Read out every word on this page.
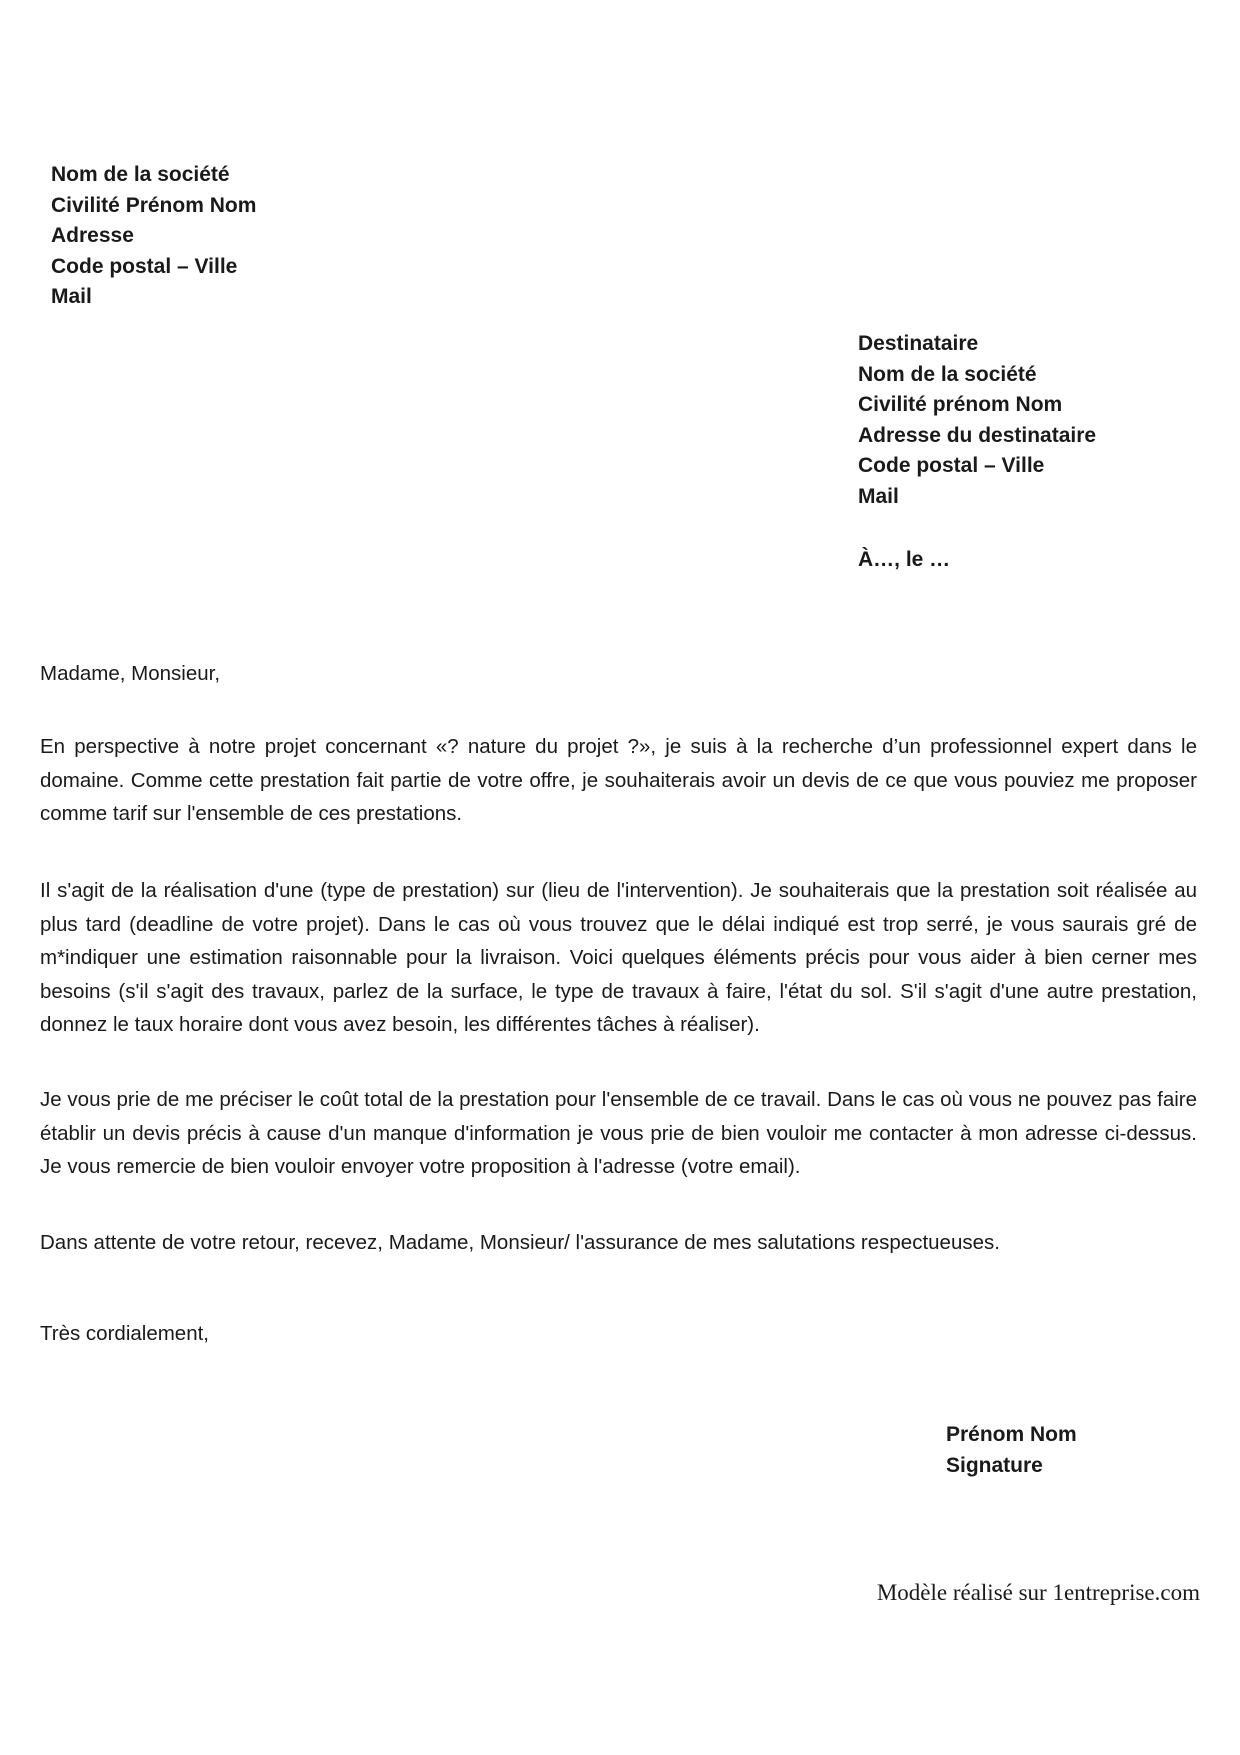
Nom de la société
Civilité Prénom Nom
Adresse
Code postal – Ville
Mail
Destinataire
Nom de la société
Civilité prénom Nom
Adresse du destinataire
Code postal – Ville
Mail
À…, le …

Madame, Monsieur,

En perspective à notre projet concernant «? nature du projet ?», je suis à la recherche d’un professionnel expert dans le domaine. Comme cette prestation fait partie de votre offre, je souhaiterais avoir un devis de ce que vous pouviez me proposer comme tarif sur l'ensemble de ces prestations.

Il s'agit de la réalisation d'une (type de prestation) sur (lieu de l'intervention). Je souhaiterais que la prestation soit réalisée au plus tard (deadline de votre projet). Dans le cas où vous trouvez que le délai indiqué est trop serré, je vous saurais gré de m*indiquer une estimation raisonnable pour la livraison. Voici quelques éléments précis pour vous aider à bien cerner mes besoins (s'il s'agit des travaux, parlez de la surface, le type de travaux à faire, l'état du sol. S'il s'agit d'une autre prestation, donnez le taux horaire dont vous avez besoin, les différentes tâches à réaliser).

Je vous prie de me préciser le coût total de la prestation pour l'ensemble de ce travail. Dans le cas où vous ne pouvez pas faire établir un devis précis à cause d'un manque d'information je vous prie de bien vouloir me contacter à mon adresse ci-dessus. Je vous remercie de bien vouloir envoyer votre proposition à l'adresse (votre email).

Dans attente de votre retour, recevez, Madame, Monsieur/ l'assurance de mes salutations respectueuses.

Très cordialement,

Prénom Nom
Signature
Modèle réalisé sur 1entreprise.com
